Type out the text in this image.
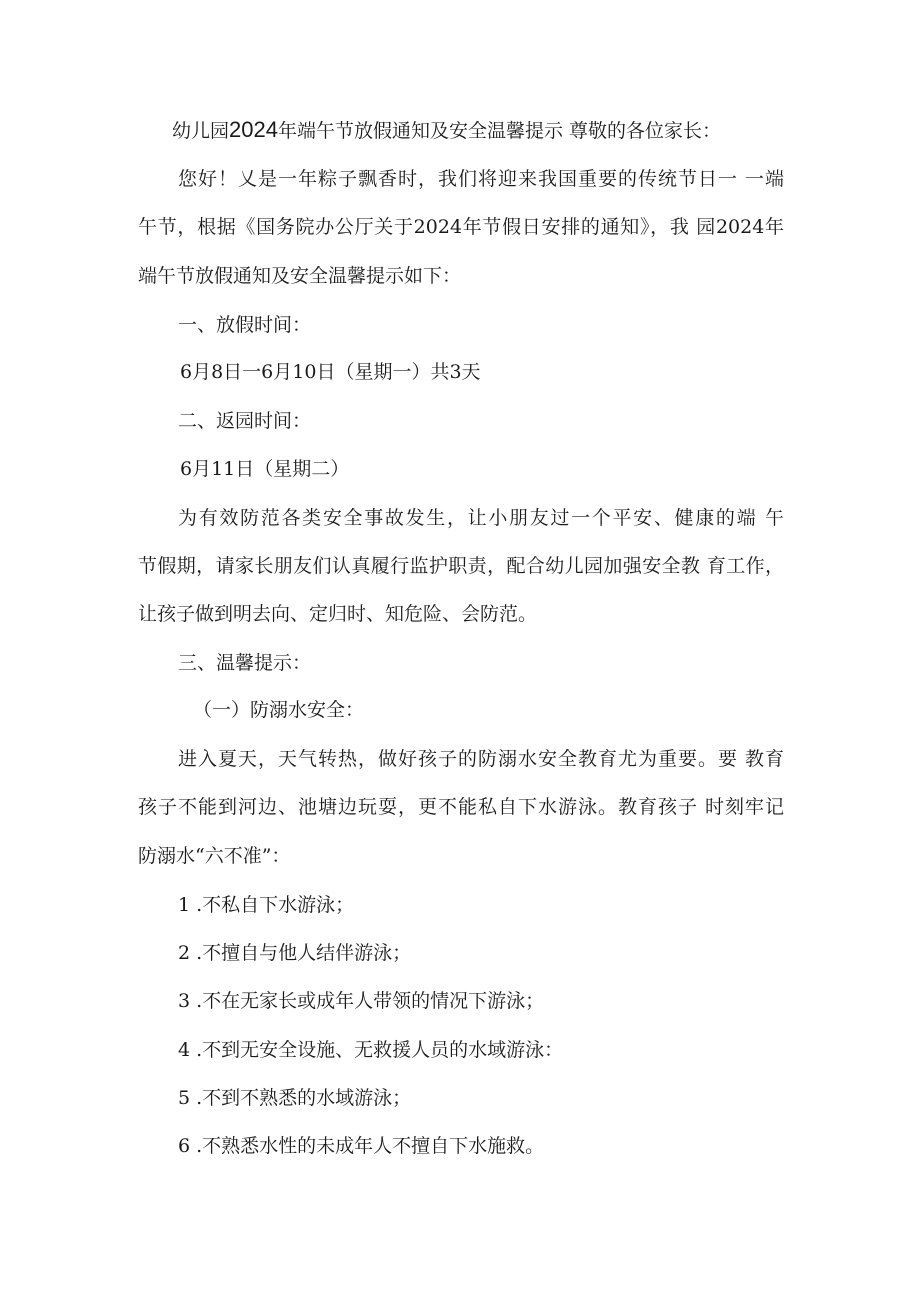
幼儿园2024年端午节放假通知及安全温馨提示 尊敬的各位家长：
您好！乂是一年粽子飘香时，我们将迎来我国重要的传统节日一 一端
午节，根据《国务院办公厅关于2024年节假日安排的通知》，我 园2024年
端午节放假通知及安全温馨提示如下：
一、放假时间：
6月8日一6月10日（星期一）共3天
二、返园时间：
6月11日（星期二）
为有效防范各类安全事故发生，让小朋友过一个平安、健康的端 午
节假期，请家长朋友们认真履行监护职责，配合幼儿园加强安全教 育工作，
让孩子做到明去向、定归时、知危险、会防范。
三、温馨提示：
（一）防溺水安全：
进入夏天，天气转热，做好孩子的防溺水安全教育尤为重要。要 教育
孩子不能到河边、池塘边玩耍，更不能私自下水游泳。教育孩子 时刻牢记
防溺水“六不准”：
1 .不私自下水游泳；
2 .不擅自与他人结伴游泳；
3 .不在无家长或成年人带领的情况下游泳；
4 .不到无安全设施、无救援人员的水域游泳：
5 .不到不熟悉的水域游泳；
6 .不熟悉水性的未成年人不擅自下水施救。
